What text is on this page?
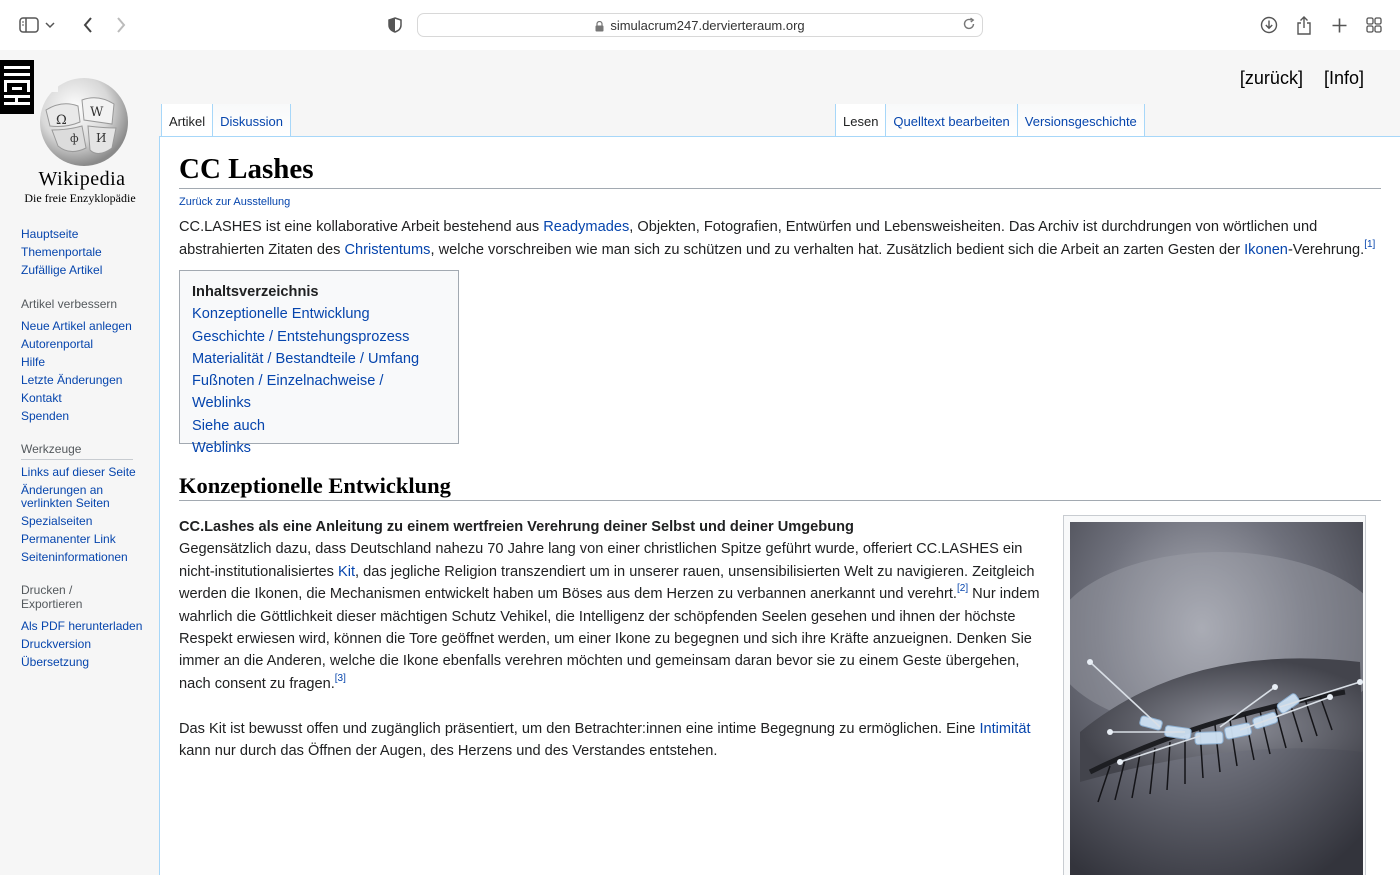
simulacrum247.dervierteraum.org
Ω
W
И
ф
Wikipedia
Die freie Enzyklopädie
[zurück] [Info]
Hauptseite
Themenportale
Zufällige Artikel
Artikel verbessern
Neue Artikel anlegen
Autorenportal
Hilfe
Letzte Änderungen
Kontakt
Spenden
Werkzeuge
Links auf dieser Seite
Änderungen an verlinkten Seiten
Spezialseiten
Permanenter Link
Seiteninformationen
Drucken / Exportieren
Als PDF herunterladen
Druckversion
Übersetzung
Artikel	Diskussion	Lesen	Quelltext bearbeiten	Versionsgeschichte
CC Lashes
Zurück zur Ausstellung
CC.LASHES ist eine kollaborative Arbeit bestehend aus Readymades, Objekten, Fotografien, Entwürfen und Lebensweisheiten. Das Archiv ist durchdrungen von wörtlichen und abstrahierten Zitaten des Christentums, welche vorschreiben wie man sich zu schützen und zu verhalten hat. Zusätzlich bedient sich die Arbeit an zarten Gesten der Ikonen-Verehrung.[1]
Inhaltsverzeichnis
Konzeptionelle Entwicklung
Geschichte / Entstehungsprozess
Materialität / Bestandteile / Umfang
Fußnoten / Einzelnachweise / Weblinks
Siehe auch
Weblinks
Konzeptionelle Entwicklung

CC.Lashes als eine Anleitung zu einem wertfreien Verehrung deiner Selbst und deiner Umgebung
Gegensätzlich dazu, dass Deutschland nahezu 70 Jahre lang von einer christlichen Spitze geführt wurde, offeriert CC.LASHES ein nicht-institutionalisiertes Kit, das jegliche Religion transzendiert um in unserer rauen, unsensibilisierten Welt zu navigieren. Zeitgleich werden die Ikonen, die Mechanismen entwickelt haben um Böses aus dem Herzen zu verbannen anerkannt und verehrt.[2] Nur indem wahrlich die Göttlichkeit dieser mächtigen Schutz Vehikel, die Intelligenz der schöpfenden Seelen gesehen und ihnen der höchste Respekt erwiesen wird, können die Tore geöffnet werden, um einer Ikone zu begegnen und sich ihre Kräfte anzueignen. Denken Sie immer an die Anderen, welche die Ikone ebenfalls verehren möchten und gemeinsam daran bevor sie zu einem Geste übergehen, nach consent zu fragen.[3]

Das Kit ist bewusst offen und zugänglich präsentiert, um den Betrachter:innen eine intime Begegnung zu ermöglichen. Eine Intimität kann nur durch das Öffnen der Augen, des Herzens und des Verstandes entstehen.
